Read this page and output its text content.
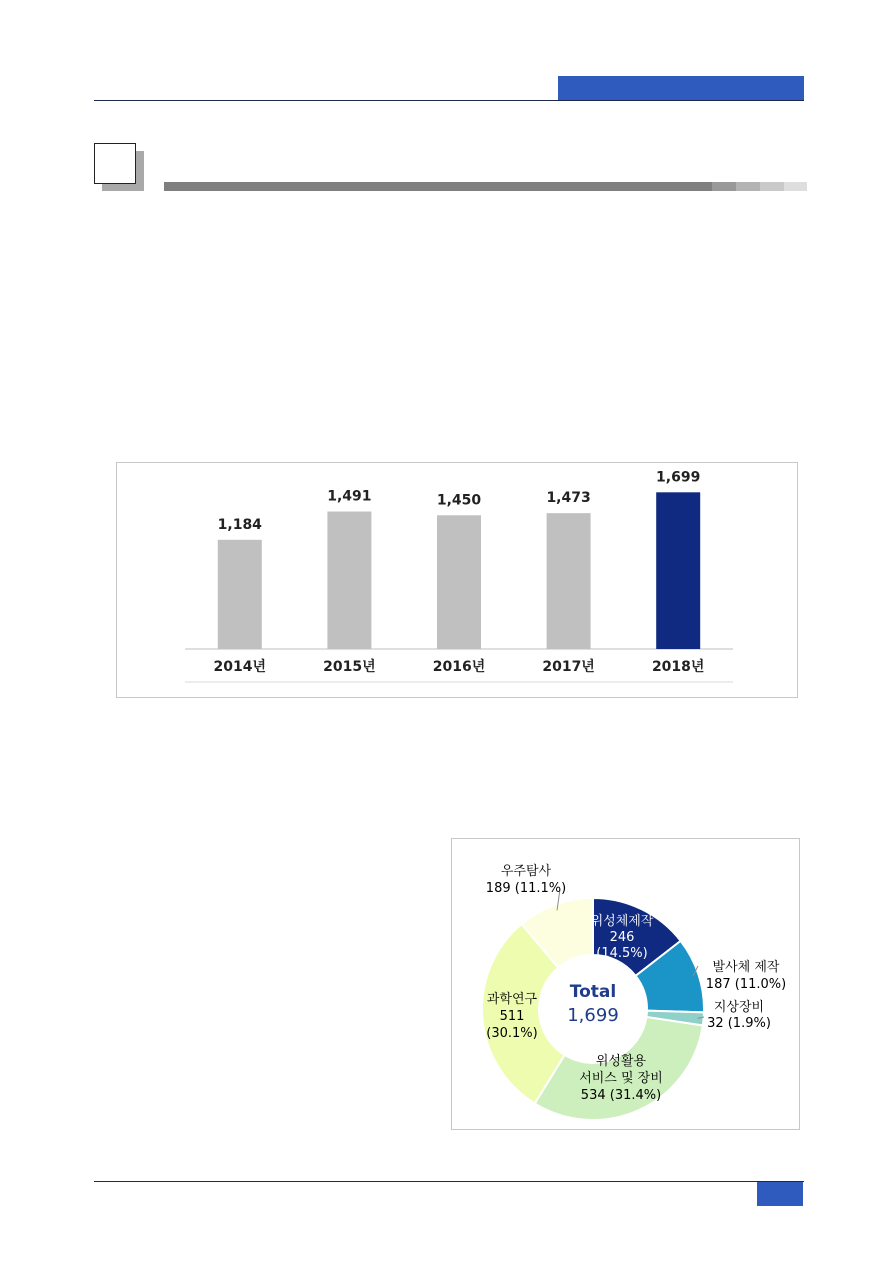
1,184
2014년
1,491
2015년
1,450
2016년
1,473
2017년
1,699
2018년
위성체제작 246 (14.5%)
발사체 제작 187 (11.0%)
지상장비 32 (1.9%)
위성활용 서비스 및 장비 534 (31.4%)
과학연구 511 (30.1%)
우주탐사 189 (11.1%)
Total
1,699
